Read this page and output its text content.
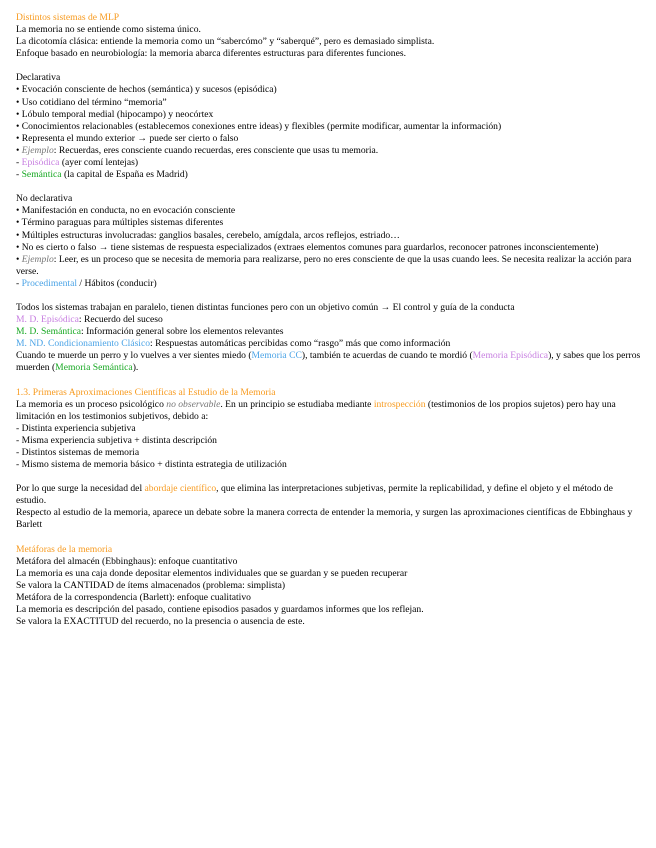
Distintos sistemas de MLP
La memoria no se entiende como sistema único.
La dicotomía clásica: entiende la memoria como un “sabercómo” y “saberqué”, pero es demasiado simplista.
Enfoque basado en neurobiología: la memoria abarca diferentes estructuras para diferentes funciones.
Declarativa
• Evocación consciente de hechos (semántica) y sucesos (episódica)
• Uso cotidiano del término “memoria”
• Lóbulo temporal medial (hipocampo) y neocórtex
• Conocimientos relacionables (establecemos conexiones entre ideas) y flexibles (permite modificar, aumentar la información)
• Representa el mundo exterior → puede ser cierto o falso
• Ejemplo: Recuerdas, eres consciente cuando recuerdas, eres consciente que usas tu memoria.
- Episódica (ayer comí lentejas)
- Semántica (la capital de España es Madrid)
No declarativa
• Manifestación en conducta, no en evocación consciente
• Término paraguas para múltiples sistemas diferentes
• Múltiples estructuras involucradas: ganglios basales, cerebelo, amígdala, arcos reflejos, estriado…
• No es cierto o falso → tiene sistemas de respuesta especializados (extraes elementos comunes para guardarlos, reconocer patrones inconscientemente)
• Ejemplo: Leer, es un proceso que se necesita de memoria para realizarse, pero no eres consciente de que la usas cuando lees. Se necesita realizar la acción para verse.
- Procedimental / Hábitos (conducir)
Todos los sistemas trabajan en paralelo, tienen distintas funciones pero con un objetivo común → El control y guía de la conducta
M. D. Episódica: Recuerdo del suceso
M. D. Semántica: Información general sobre los elementos relevantes
M. ND. Condicionamiento Clásico: Respuestas automáticas percibidas como “rasgo” más que como información
Cuando te muerde un perro y lo vuelves a ver sientes miedo (Memoria CC), también te acuerdas de cuando te mordió (Memoria Episódica), y sabes que los perros muerden (Memoria Semántica).
1.3. Primeras Aproximaciones Científicas al Estudio de la Memoria
La memoria es un proceso psicológico no observable. En un principio se estudiaba mediante introspección (testimonios de los propios sujetos) pero hay una limitación en los testimonios subjetivos, debido a:
- Distinta experiencia subjetiva
- Misma experiencia subjetiva + distinta descripción
- Distintos sistemas de memoria
- Mismo sistema de memoria básico + distinta estrategia de utilización
Por lo que surge la necesidad del abordaje científico, que elimina las interpretaciones subjetivas, permite la replicabilidad, y define el objeto y el método de estudio.
Respecto al estudio de la memoria, aparece un debate sobre la manera correcta de entender la memoria, y surgen las aproximaciones científicas de Ebbinghaus y Barlett
Metáforas de la memoria
Metáfora del almacén (Ebbinghaus): enfoque cuantitativo
La memoria es una caja donde depositar elementos individuales que se guardan y se pueden recuperar
Se valora la CANTIDAD de ítems almacenados (problema: simplista)
Metáfora de la correspondencia (Barlett): enfoque cualitativo
La memoria es descripción del pasado, contiene episodios pasados y guardamos informes que los reflejan.
Se valora la EXACTITUD del recuerdo, no la presencia o ausencia de este.
